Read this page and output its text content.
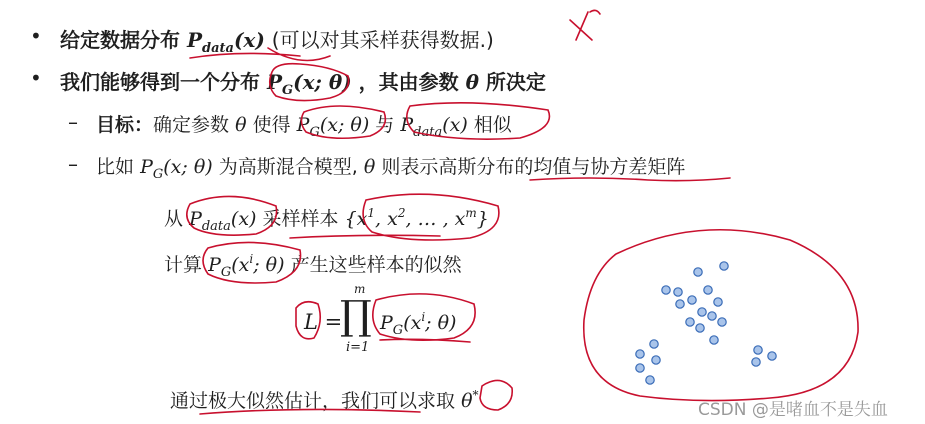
• 给定数据分布 $P_{data}(x)$ (可以对其采样获得数据.)
• 我们能够得到一个分布 $P_G(x$; θ) ，其由参数 θ 所决定
– 目标：确定参数 θ 使得 $P_G(x$; θ) 与 $P_{data}(x)$ 相似
– 比如 $P_G(x$; θ) 为高斯混合模型, θ 则表示高斯分布的均值与协方差矩阵
从 $P_{data}(x)$ 采样样本 {$x^1$, $x^2$, … , $x^m$}
计算 $P_G(x^i$; θ) 产生这些样本的似然
L =
m
∏
i=1
$P_G(x^i$; θ)
通过极大似然估计，我们可以求取 θ*
CSDN @是啫血不是失血
